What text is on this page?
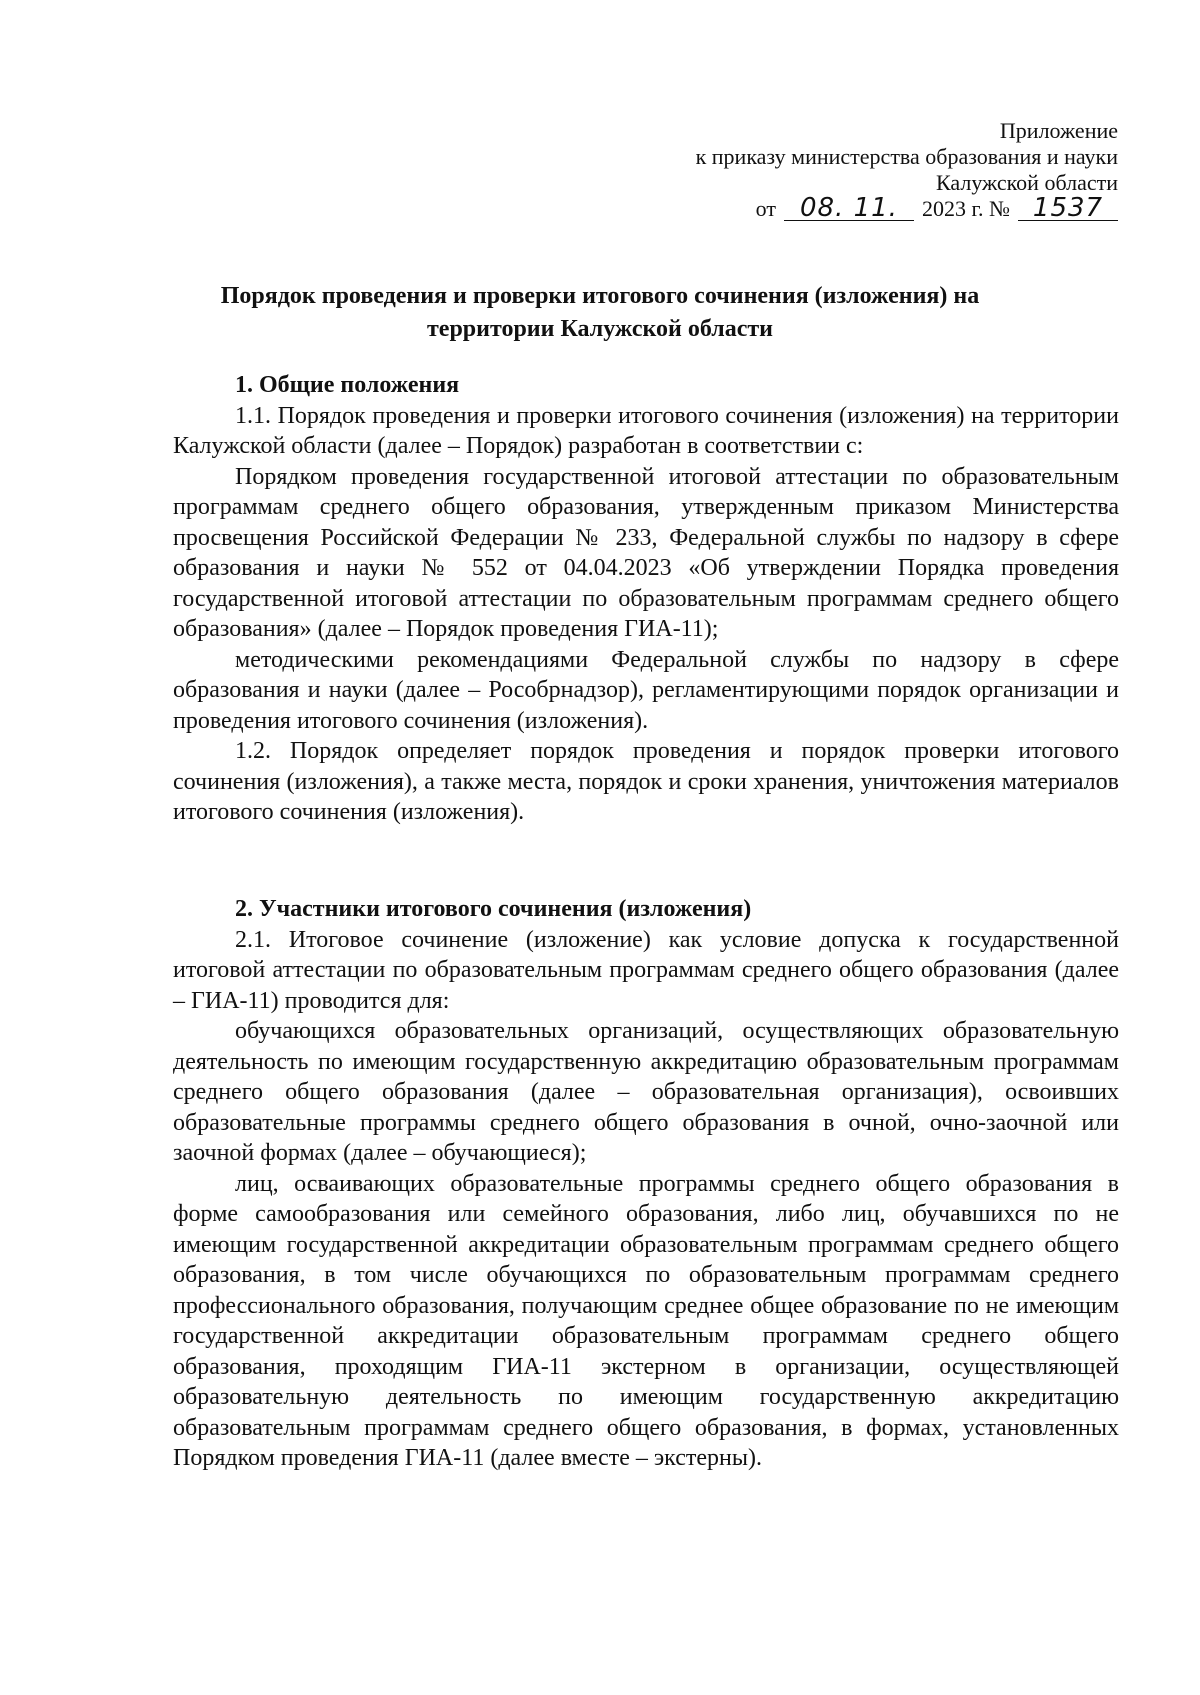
Приложение
к приказу министерства образования и науки
Калужской области
от 08. 11.	2023 г. № 1537
Порядок проведения и проверки итогового сочинения (изложения) на
территории Калужской области

1. Общие положения

1.1. Порядок проведения и проверки итогового сочинения (изложения) на территории Калужской области (далее – Порядок) разработан в соответствии с:

Порядком проведения государственной итоговой аттестации по образовательным программам среднего общего образования, утвержденным приказом Министерства просвещения Российской Федерации № 233, Федеральной службы по надзору в сфере образования и науки № 552 от 04.04.2023 «Об утверждении Порядка проведения государственной итоговой аттестации по образовательным программам среднего общего образования» (далее – Порядок проведения ГИА-11);

методическими рекомендациями Федеральной службы по надзору в сфере образования и науки (далее – Рособрнадзор), регламентирующими порядок организации и проведения итогового сочинения (изложения).

1.2. Порядок определяет порядок проведения и порядок проверки итогового сочинения (изложения), а также места, порядок и сроки хранения, уничтожения материалов итогового сочинения (изложения).

2. Участники итогового сочинения (изложения)

2.1. Итоговое сочинение (изложение) как условие допуска к государственной итоговой аттестации по образовательным программам среднего общего образования (далее – ГИА-11) проводится для:

обучающихся образовательных организаций, осуществляющих образовательную деятельность по имеющим государственную аккредитацию образовательным программам среднего общего образования (далее – образовательная организация), освоивших образовательные программы среднего общего образования в очной, очно-заочной или заочной формах (далее – обучающиеся);

лиц, осваивающих образовательные программы среднего общего образования в форме самообразования или семейного образования, либо лиц, обучавшихся по не имеющим государственной аккредитации образовательным программам среднего общего образования, в том числе обучающихся по образовательным программам среднего профессионального образования, получающим среднее общее образование по не имеющим государственной аккредитации образовательным программам среднего общего образования, проходящим ГИА-11 экстерном в организации, осуществляющей образовательную деятельность по имеющим государственную аккредитацию образовательным программам среднего общего образования, в формах, установленных Порядком проведения ГИА-11 (далее вместе – экстерны).
